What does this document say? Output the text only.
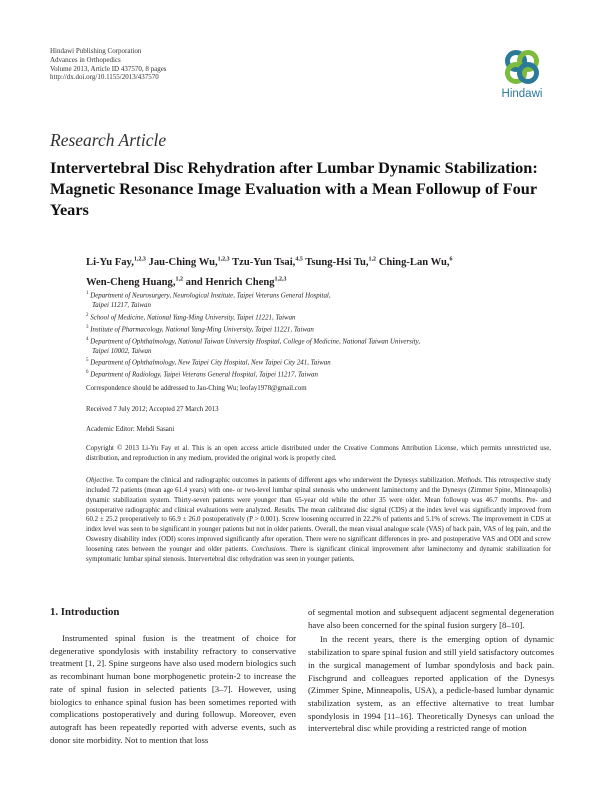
Hindawi Publishing Corporation
Advances in Orthopedics
Volume 2013, Article ID 437570, 8 pages
http://dx.doi.org/10.1155/2013/437570
Hindawi
Research Article
Intervertebral Disc Rehydration after Lumbar Dynamic Stabilization: Magnetic Resonance Image Evaluation with a Mean Followup of Four Years
Li-Yu Fay,$^{1,2,3}$ Jau-Ching Wu,$^{1,2,3}$ Tzu-Yun Tsai,$^{4,5}$ Tsung-Hsi Tu,$^{1,2}$ Ching-Lan Wu,$^6$
Wen-Cheng Huang,$^{1,2}$ and Henrich Cheng$^{1,2,3}$
$^1$ Department of Neurosurgery, Neurological Institute, Taipei Veterans General Hospital,
Taipei 11217, Taiwan
$^2$ School of Medicine, National Yang-Ming University, Taipei 11221, Taiwan
$^3$ Institute of Pharmacology, National Yang-Ming University, Taipei 11221, Taiwan
$^4$ Department of Ophthalmology, National Taiwan University Hospital, College of Medicine, National Taiwan University,
Taipei 10002, Taiwan
$^5$ Department of Ophthalmology, New Taipei City Hospital, New Taipei City 241, Taiwan
$^6$ Department of Radiology, Taipei Veterans General Hospital, Taipei 11217, Taiwan
Correspondence should be addressed to Jau-Ching Wu; leofay1978@gmail.com
Received 7 July 2012; Accepted 27 March 2013
Academic Editor: Mehdi Sasani
Copyright © 2013 Li-Yu Fay et al. This is an open access article distributed under the Creative Commons Attribution License, which permits unrestricted use, distribution, and reproduction in any medium, provided the original work is properly cited.
Objective. To compare the clinical and radiographic outcomes in patients of different ages who underwent the Dynesys stabilization. Methods. This retrospective study included 72 patients (mean age 61.4 years) with one- or two-level lumbar spinal stenosis who underwent laminectomy and the Dynesys (Zimmer Spine, Minneapolis) dynamic stabilization system. Thirty-seven patients were younger than 65-year old while the other 35 were older. Mean followup was 46.7 months. Pre- and postoperative radiographic and clinical evaluations were analyzed. Results. The mean calibrated disc signal (CDS) at the index level was significantly improved from 60.2 ± 25.2 preoperatively to 66.9 ± 26.0 postoperatively (P > 0.001). Screw loosening occurred in 22.2% of patients and 5.1% of screws. The improvement in CDS at index level was seen to be significant in younger patients but not in older patients. Overall, the mean visual analogue scale (VAS) of back pain, VAS of leg pain, and the Oswestry disability index (ODI) scores improved significantly after operation. There were no significant differences in pre- and postoperative VAS and ODI and screw loosening rates between the younger and older patients. Conclusions. There is significant clinical improvement after laminectomy and dynamic stabilization for symptomatic lumbar spinal stenosis. Intervertebral disc rehydration was seen in younger patients.
1. Introduction
Instrumented spinal fusion is the treatment of choice for degenerative spondylosis with instability refractory to conservative treatment [1, 2]. Spine surgeons have also used modern biologics such as recombinant human bone morphogenetic protein-2 to increase the rate of spinal fusion in selected patients [3–7]. However, using biologics to enhance spinal fusion has been sometimes reported with complications postoperatively and during followup. Moreover, even autograft has been repeatedly reported with adverse events, such as donor site morbidity. Not to mention that loss

of segmental motion and subsequent adjacent segmental degeneration have also been concerned for the spinal fusion surgery [8–10].

In the recent years, there is the emerging option of dynamic stabilization to spare spinal fusion and still yield satisfactory outcomes in the surgical management of lumbar spondylosis and back pain. Fischgrund and colleagues reported application of the Dynesys (Zimmer Spine, Minneapolis, USA), a pedicle-based lumbar dynamic stabilization system, as an effective alternative to treat lumbar spondylosis in 1994 [11–16]. Theoretically Dynesys can unload the intervertebral disc while providing a restricted range of motion
